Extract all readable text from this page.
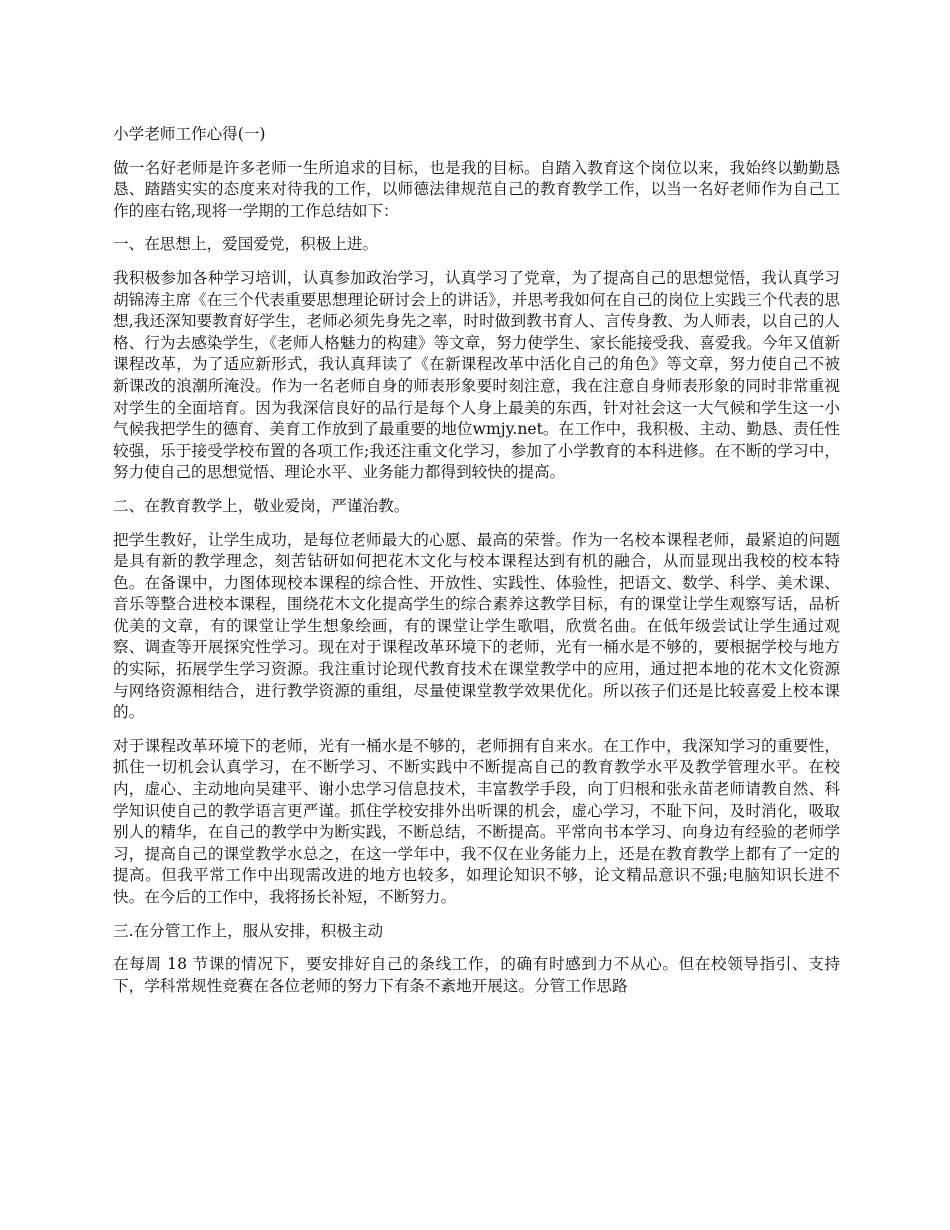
小学老师工作心得(一)

做一名好老师是许多老师一生所追求的目标，也是我的目标。自踏入教育这个岗位以来，我始终以勤勤恳恳、踏踏实实的态度来对待我的工作，以师德法律规范自己的教育教学工作，以当一名好老师作为自己工作的座右铭,现将一学期的工作总结如下：

一、在思想上，爱国爱党，积极上进。

我积极参加各种学习培训，认真参加政治学习，认真学习了党章，为了提高自己的思想觉悟，我认真学习胡锦涛主席《在三个代表重要思想理论研讨会上的讲话》，并思考我如何在自己的岗位上实践三个代表的思想,我还深知要教育好学生，老师必须先身先之率，时时做到教书育人、言传身教、为人师表，以自己的人格、行为去感染学生，《老师人格魅力的构建》等文章，努力使学生、家长能接受我、喜爱我。今年又值新课程改革，为了适应新形式，我认真拜读了《在新课程改革中活化自己的角色》等文章，努力使自己不被新课改的浪潮所淹没。作为一名老师自身的师表形象要时刻注意，我在注意自身师表形象的同时非常重视对学生的全面培育。因为我深信良好的品行是每个人身上最美的东西，针对社会这一大气候和学生这一小气候我把学生的德育、美育工作放到了最重要的地位wmjy.net。在工作中，我积极、主动、勤恳、责任性较强，乐于接受学校布置的各项工作;我还注重文化学习，参加了小学教育的本科进修。在不断的学习中，努力使自己的思想觉悟、理论水平、业务能力都得到较快的提高。

二、在教育教学上，敬业爱岗，严谨治教。

把学生教好，让学生成功，是每位老师最大的心愿、最高的荣誉。作为一名校本课程老师，最紧迫的问题是具有新的教学理念，刻苦钻研如何把花木文化与校本课程达到有机的融合，从而显现出我校的校本特色。在备课中，力图体现校本课程的综合性、开放性、实践性、体验性，把语文、数学、科学、美术课、音乐等整合进校本课程，围绕花木文化提高学生的综合素养这教学目标，有的课堂让学生观察写话，品析优美的文章，有的课堂让学生想象绘画，有的课堂让学生歌唱，欣赏名曲。在低年级尝试让学生通过观察、调查等开展探究性学习。现在对于课程改革环境下的老师，光有一桶水是不够的，要根据学校与地方的实际，拓展学生学习资源。我注重讨论现代教育技术在课堂教学中的应用，通过把本地的花木文化资源与网络资源相结合，进行教学资源的重组，尽量使课堂教学效果优化。所以孩子们还是比较喜爱上校本课的。

对于课程改革环境下的老师，光有一桶水是不够的，老师拥有自来水。在工作中，我深知学习的重要性，抓住一切机会认真学习，在不断学习、不断实践中不断提高自己的教育教学水平及教学管理水平。在校内，虚心、主动地向吴建平、谢小忠学习信息技术，丰富教学手段，向丁归根和张永苗老师请教自然、科学知识使自己的教学语言更严谨。抓住学校安排外出听课的机会，虚心学习，不耻下问，及时消化，吸取别人的精华，在自己的教学中为断实践，不断总结，不断提高。平常向书本学习、向身边有经验的老师学习，提高自己的课堂教学水总之，在这一学年中，我不仅在业务能力上，还是在教育教学上都有了一定的提高。但我平常工作中出现需改进的地方也较多，如理论知识不够，论文精品意识不强;电脑知识长进不快。在今后的工作中，我将扬长补短，不断努力。

三.在分管工作上，服从安排，积极主动

在每周 18 节课的情况下，要安排好自己的条线工作，的确有时感到力不从心。但在校领导指引、支持下，学科常规性竞赛在各位老师的努力下有条不紊地开展这。分管工作思路
